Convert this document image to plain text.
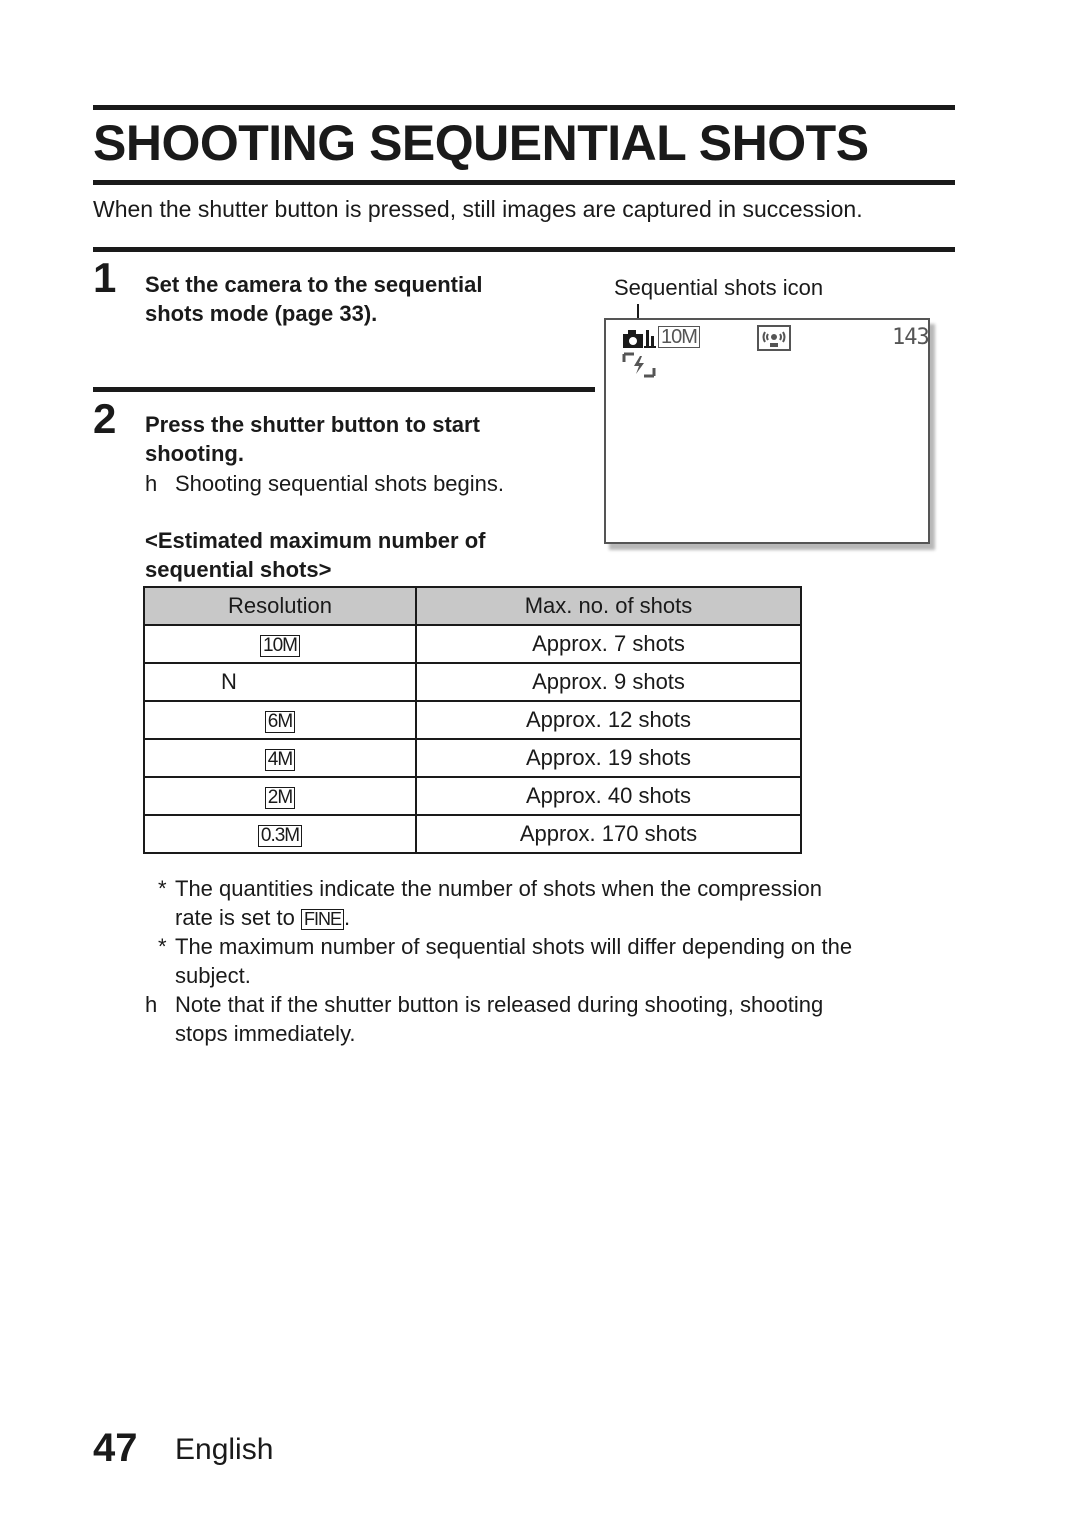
SHOOTING SEQUENTIAL SHOTS
When the shutter button is pressed, still images are captured in succession.
1 Set the camera to the sequential
shots mode (page 33).
2 Press the shutter button to start
shooting.
h Shooting sequential shots begins.
Sequential shots icon
10M	143
<Estimated maximum number of
sequential shots>
Resolution	Max. no. of shots
10M	Approx. 7 shots
N	Approx. 9 shots
6M	Approx. 12 shots
4M	Approx. 19 shots
2M	Approx. 40 shots
0.3M	Approx. 170 shots
* The quantities indicate the number of shots when the compression
rate is set to FINE .
* The maximum number of sequential shots will differ depending on the
subject.
h Note that if the shutter button is released during shooting, shooting
stops immediately.
47 English
